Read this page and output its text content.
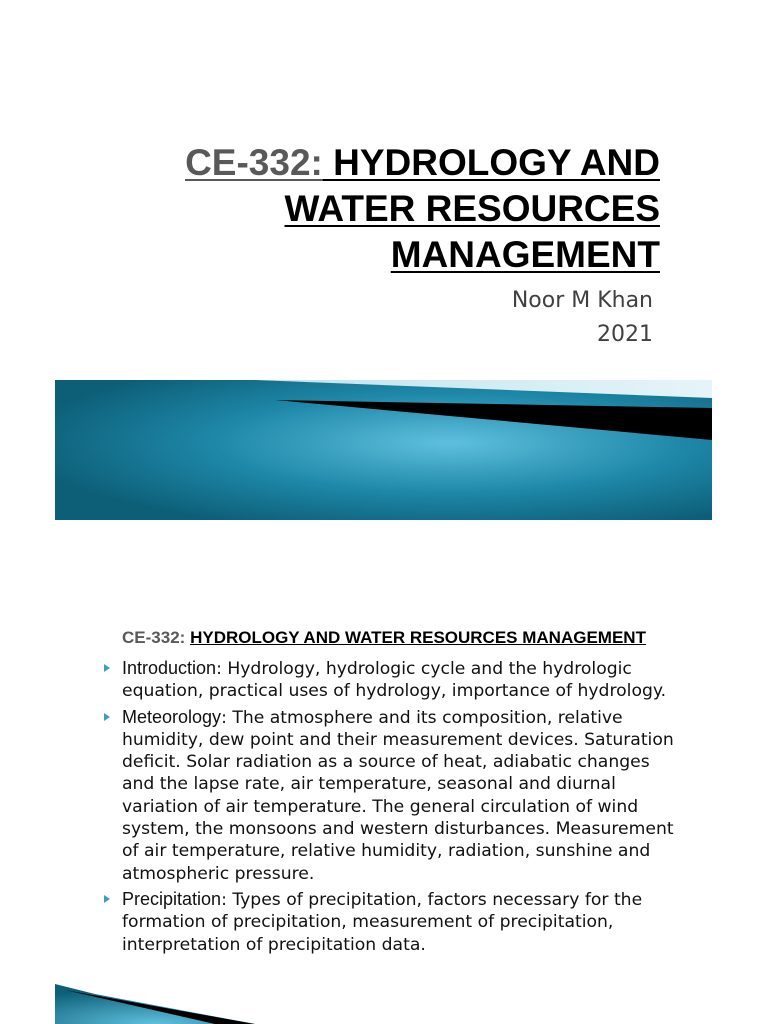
CE-332: HYDROLOGY AND
WATER RESOURCES
MANAGEMENT
Noor M Khan
2021
CE-332: HYDROLOGY AND WATER RESOURCES MANAGEMENT
Introduction: Hydrology, hydrologic cycle and the hydrologic equation, practical uses of hydrology, importance of hydrology.
Meteorology: The atmosphere and its composition, relative humidity, dew point and their measurement devices. Saturation deficit. Solar radiation as a source of heat, adiabatic changes and the lapse rate, air temperature, seasonal and diurnal variation of air temperature. The general circulation of wind system, the monsoons and western disturbances. Measurement of air temperature, relative humidity, radiation, sunshine and atmospheric pressure.
Precipitation: Types of precipitation, factors necessary for the formation of precipitation, measurement of precipitation, interpretation of precipitation data.
